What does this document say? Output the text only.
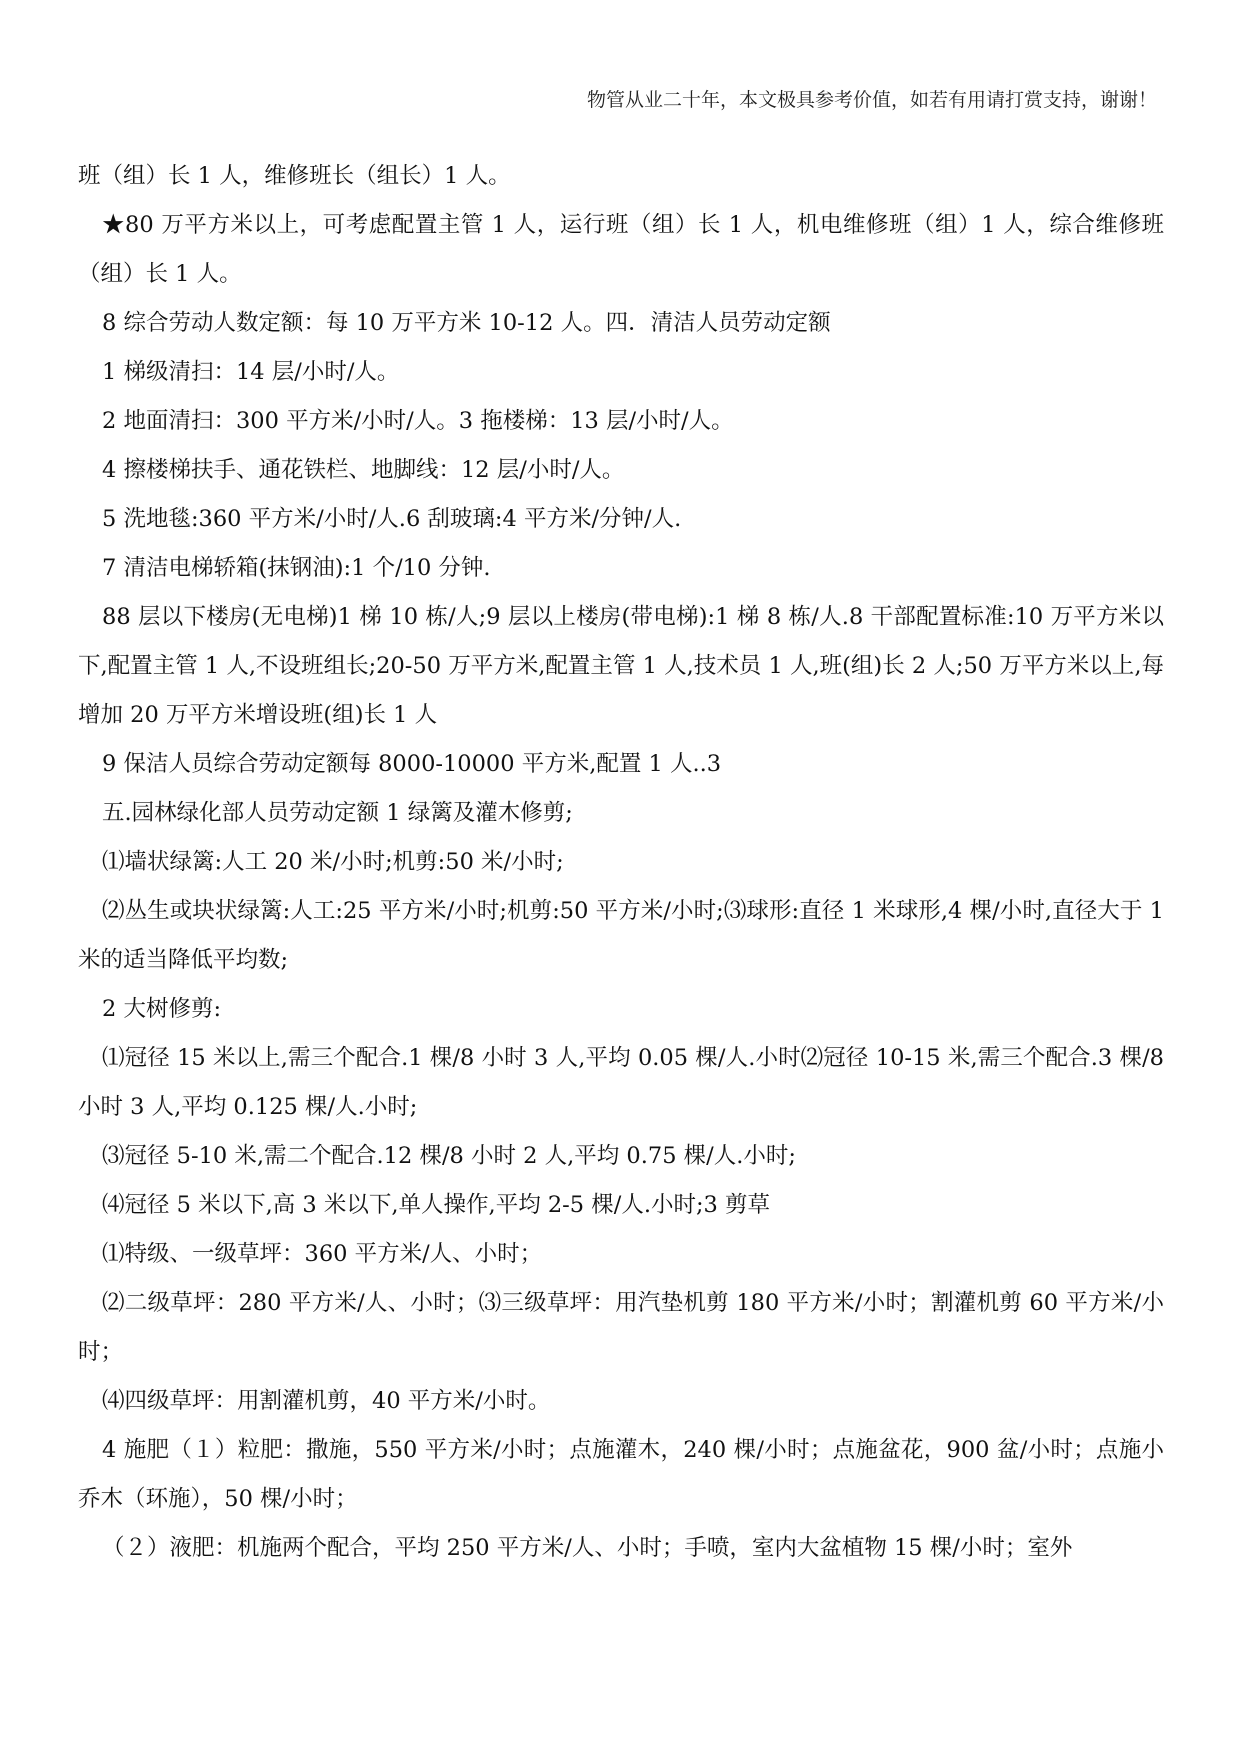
物管从业二十年，本文极具参考价值，如若有用请打赏支持，谢谢！

班（组）长 1 人，维修班长（组长）1 人。

★80 万平方米以上，可考虑配置主管 1 人，运行班（组）长 1 人，机电维修班（组）1 人，综合维修班（组）长 1 人。

8 综合劳动人数定额：每 10 万平方米 10-12 人。四．清洁人员劳动定额

1 梯级清扫：14 层/小时/人。

2 地面清扫：300 平方米/小时/人。3 拖楼梯：13 层/小时/人。

4 擦楼梯扶手、通花铁栏、地脚线：12 层/小时/人。

5 洗地毯:360 平方米/小时/人.6 刮玻璃:4 平方米/分钟/人.

7 清洁电梯轿箱(抹钢油):1 个/10 分钟.

88 层以下楼房(无电梯)1 梯 10 栋/人;9 层以上楼房(带电梯):1 梯 8 栋/人.8 干部配置标准:10 万平方米以下,配置主管 1 人,不设班组长;20-50 万平方米,配置主管 1 人,技术员 1 人,班(组)长 2 人;50 万平方米以上,每增加 20 万平方米增设班(组)长 1 人

9 保洁人员综合劳动定额每 8000-10000 平方米,配置 1 人..3

五.园林绿化部人员劳动定额 1 绿篱及灌木修剪;

⑴墙状绿篱:人工 20 米/小时;机剪:50 米/小时;

⑵丛生或块状绿篱:人工:25 平方米/小时;机剪:50 平方米/小时;⑶球形:直径 1 米球形,4 棵/小时,直径大于 1 米的适当降低平均数;

2 大树修剪:

⑴冠径 15 米以上,需三个配合.1 棵/8 小时 3 人,平均 0.05 棵/人.小时⑵冠径 10-15 米,需三个配合.3 棵/8 小时 3 人,平均 0.125 棵/人.小时;

⑶冠径 5-10 米,需二个配合.12 棵/8 小时 2 人,平均 0.75 棵/人.小时;

⑷冠径 5 米以下,高 3 米以下,单人操作,平均 2-5 棵/人.小时;3 剪草

⑴特级、一级草坪：360 平方米/人、小时；

⑵二级草坪：280 平方米/人、小时；⑶三级草坪：用汽垫机剪 180 平方米/小时；割灌机剪 60 平方米/小时；

⑷四级草坪：用割灌机剪，40 平方米/小时。

4 施肥（１）粒肥：撒施，550 平方米/小时；点施灌木，240 棵/小时；点施盆花，900 盆/小时；点施小乔木（环施），50 棵/小时；

（２）液肥：机施两个配合，平均 250 平方米/人、小时；手喷，室内大盆植物 15 棵/小时；室外
